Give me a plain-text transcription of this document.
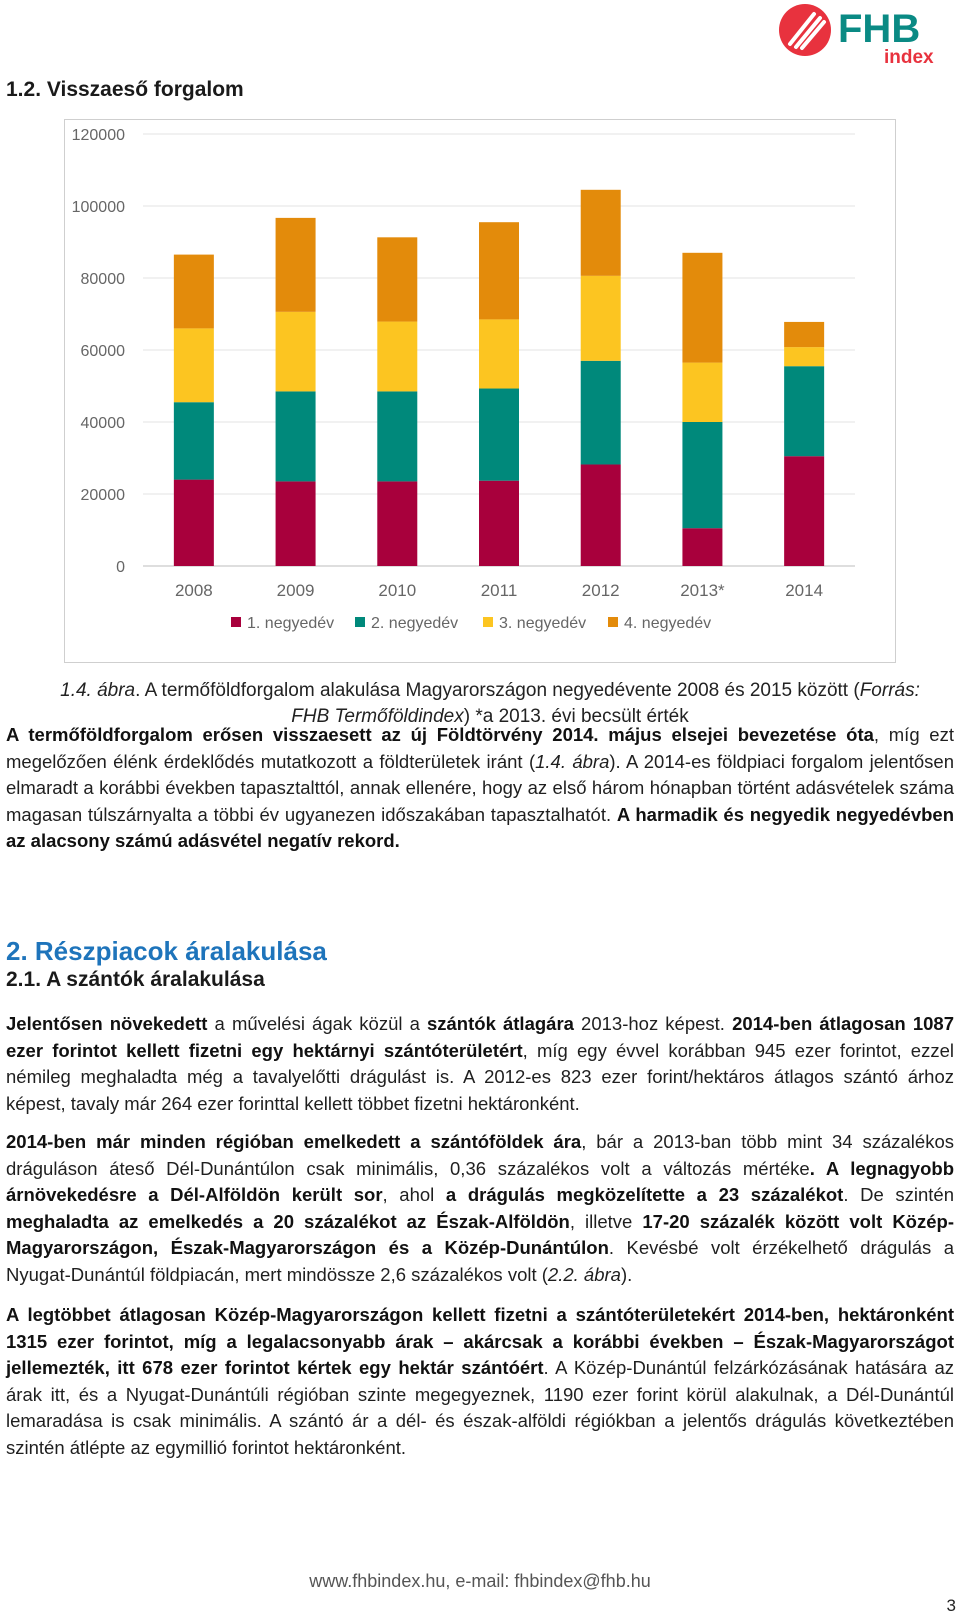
FHB
index
1.2. Visszaeső forgalom
0
20000
40000
60000
80000
100000
120000
2008	2009	2010	2011	2012	2013*	2014
1. negyedév 2. negyedév	3. negyedév 4. negyedév

1.4. ábra. A termőföldforgalom alakulása Magyarországon negyedévente 2008 és 2015 között (Forrás: FHB Termőföldindex) *a 2013. évi becsült érték

A termőföldforgalom erősen visszaesett az új Földtörvény 2014. május elsejei bevezetése óta, míg ezt megelőzően élénk érdeklődés mutatkozott a földterületek iránt (1.4. ábra). A 2014-es földpiaci forgalom jelentősen elmaradt a korábbi években tapasztalttól, annak ellenére, hogy az első három hónapban történt adásvételek száma magasan túlszárnyalta a többi év ugyanezen időszakában tapasztalhatót. A harmadik és negyedik negyedévben az alacsony számú adásvétel negatív rekord.

2. Részpiacok áralakulása
2.1. A szántók áralakulása

Jelentősen növekedett a művelési ágak közül a szántók átlagára 2013-hoz képest. 2014-ben átlagosan 1087 ezer forintot kellett fizetni egy hektárnyi szántóterületért, míg egy évvel korábban 945 ezer forintot, ezzel némileg meghaladta még a tavalyelőtti drágulást is. A 2012-es 823 ezer forint/hektáros átlagos szántó árhoz képest, tavaly már 264 ezer forinttal kellett többet fizetni hektáronként.

2014-ben már minden régióban emelkedett a szántóföldek ára, bár a 2013-ban több mint 34 százalékos dráguláson áteső Dél-Dunántúlon csak minimális, 0,36 százalékos volt a változás mértéke. A legnagyobb árnövekedésre a Dél-Alföldön került sor, ahol a drágulás megközelítette a 23 százalékot. De szintén meghaladta az emelkedés a 20 százalékot az Észak-Alföldön, illetve 17-20 százalék között volt Közép-Magyarországon, Észak-Magyarországon és a Közép-Dunántúlon. Kevésbé volt érzékelhető drágulás a Nyugat-Dunántúl földpiacán, mert mindössze 2,6 százalékos volt (2.2. ábra).

A legtöbbet átlagosan Közép-Magyarországon kellett fizetni a szántóterületekért 2014-ben, hektáronként 1315 ezer forintot, míg a legalacsonyabb árak – akárcsak a korábbi években – Észak-Magyarországot jellemezték, itt 678 ezer forintot kértek egy hektár szántóért. A Közép-Dunántúl felzárkózásának hatására az árak itt, és a Nyugat-Dunántúli régióban szinte megegyeznek, 1190 ezer forint körül alakulnak, a Dél-Dunántúl lemaradása is csak minimális. A szántó ár a dél- és észak-alföldi régiókban a jelentős drágulás következtében szintén átlépte az egymillió forintot hektáronként.

www.fhbindex.hu, e-mail: fhbindex@fhb.hu
3
